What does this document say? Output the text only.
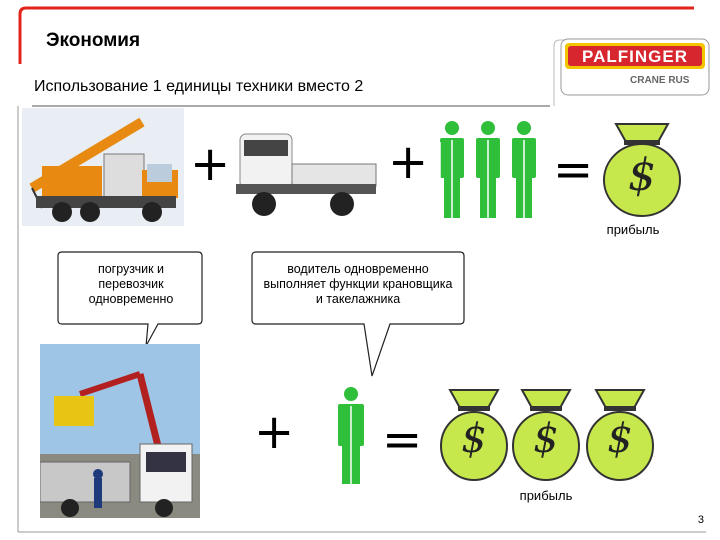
Экономия
Использование 1 единицы техники вместо 2
PALFINGER
CRANE RUS
+	+	= $
прибыль
погрузчик и перевозчик одновременно
водитель одновременно выполняет функции крановщика и такелажника
+ = $	$	$
прибыль
3
